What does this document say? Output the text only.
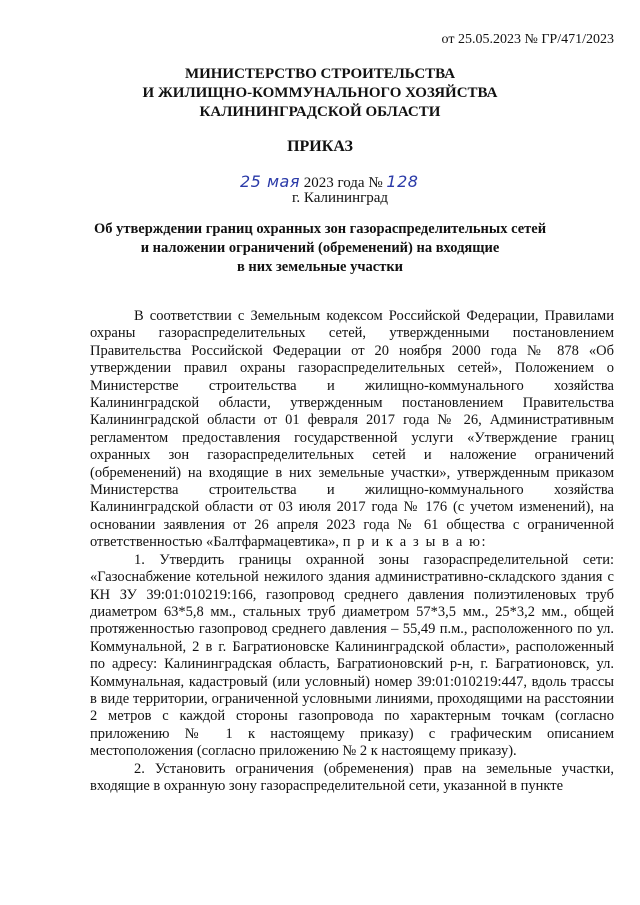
от 25.05.2023 № ГР/471/2023
МИНИСТЕРСТВО СТРОИТЕЛЬСТВА
И ЖИЛИЩНО-КОММУНАЛЬНОГО ХОЗЯЙСТВА
КАЛИНИНГРАДСКОЙ ОБЛАСТИ
ПРИКАЗ
25 мая 2023 года № 128
г. Калининград
Об утверждении границ охранных зон газораспределительных сетей
и наложении ограничений (обременений) на входящие
в них земельные участки

В соответствии с Земельным кодексом Российской Федерации, Правилами охраны газораспределительных сетей, утвержденными постановлением Правительства Российской Федерации от 20 ноября 2000 года № 878 «Об утверждении правил охраны газораспределительных сетей», Положением о Министерстве строительства и жилищно-коммунального хозяйства Калининградской области, утвержденным постановлением Правительства Калининградской области от 01 февраля 2017 года № 26, Административным регламентом предоставления государственной услуги «Утверждение границ охранных зон газораспределительных сетей и наложение ограничений (обременений) на входящие в них земельные участки», утвержденным приказом Министерства строительства и жилищно-коммунального хозяйства Калининградской области от 03 июля 2017 года № 176 (с учетом изменений), на основании заявления от 26 апреля 2023 года № 61 общества с ограниченной ответственностью «Балтфармацевтика», п р и к а з ы в а ю:

1. Утвердить границы охранной зоны газораспределительной сети: «Газоснабжение котельной нежилого здания административно-складского здания с КН ЗУ 39:01:010219:166, газопровод среднего давления полиэтиленовых труб диаметром 63*5,8 мм., стальных труб диаметром 57*3,5 мм., 25*3,2 мм., общей протяженностью газопровод среднего давления – 55,49 п.м., расположенного по ул. Коммунальной, 2 в г. Багратионовске Калининградской области», расположенный по адресу: Калининградская область, Багратионовский р-н, г. Багратионовск, ул. Коммунальная, кадастровый (или условный) номер 39:01:010219:447, вдоль трассы в виде территории, ограниченной условными линиями, проходящими на расстоянии 2 метров с каждой стороны газопровода по характерным точкам (согласно приложению № 1 к настоящему приказу) с графическим описанием местоположения (согласно приложению № 2 к настоящему приказу).

2. Установить ограничения (обременения) прав на земельные участки, входящие в охранную зону газораспределительной сети, указанной в пункте
